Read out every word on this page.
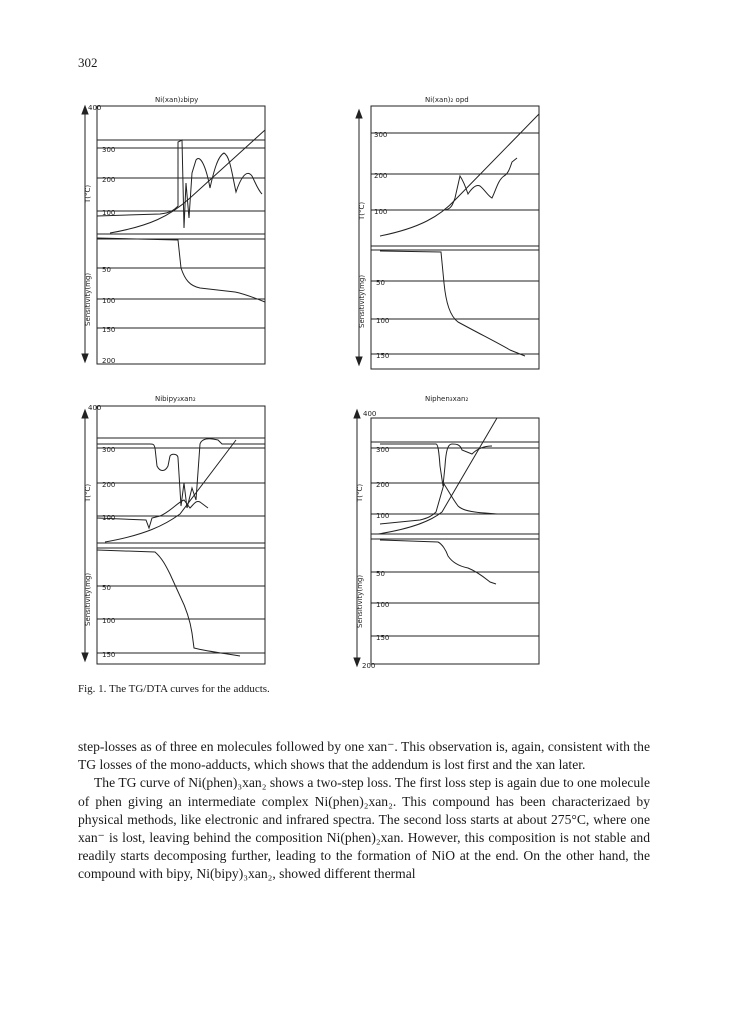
302
Ni(xan)₂bipy
400
300
200
100
50
100
150
200
T(°C)
Sensitivity(mg)
Ni(xan)₂ opd
300
200
100
50
100
150
T(°C)
Sensitivity(mg)
Nibipy₃xan₂
400
300
200
100
50
100
150
T(°C)
Sensitivity(mg)
Niphen₃xan₂
400
300
200
100
50
100
150
200
T(°C)
Sensitivity(mg)
Fig. 1. The TG/DTA curves for the adducts.

step-losses as of three en molecules followed by one xan⁻. This observation is, again, consistent with the TG losses of the mono-adducts, which shows that the addendum is lost first and the xan later.

The TG curve of Ni(phen)₃xan₂ shows a two-step loss. The first loss step is again due to one molecule of phen giving an intermediate complex Ni(phen)₂xan₂. This compound has been characterizaed by physical methods, like electronic and infrared spectra. The second loss starts at about 275°C, where one xan⁻ is lost, leaving behind the composition Ni(phen)₂xan. However, this composition is not stable and readily starts decomposing further, leading to the formation of NiO at the end. On the other hand, the compound with bipy, Ni(bipy)₃xan₂, showed different thermal
